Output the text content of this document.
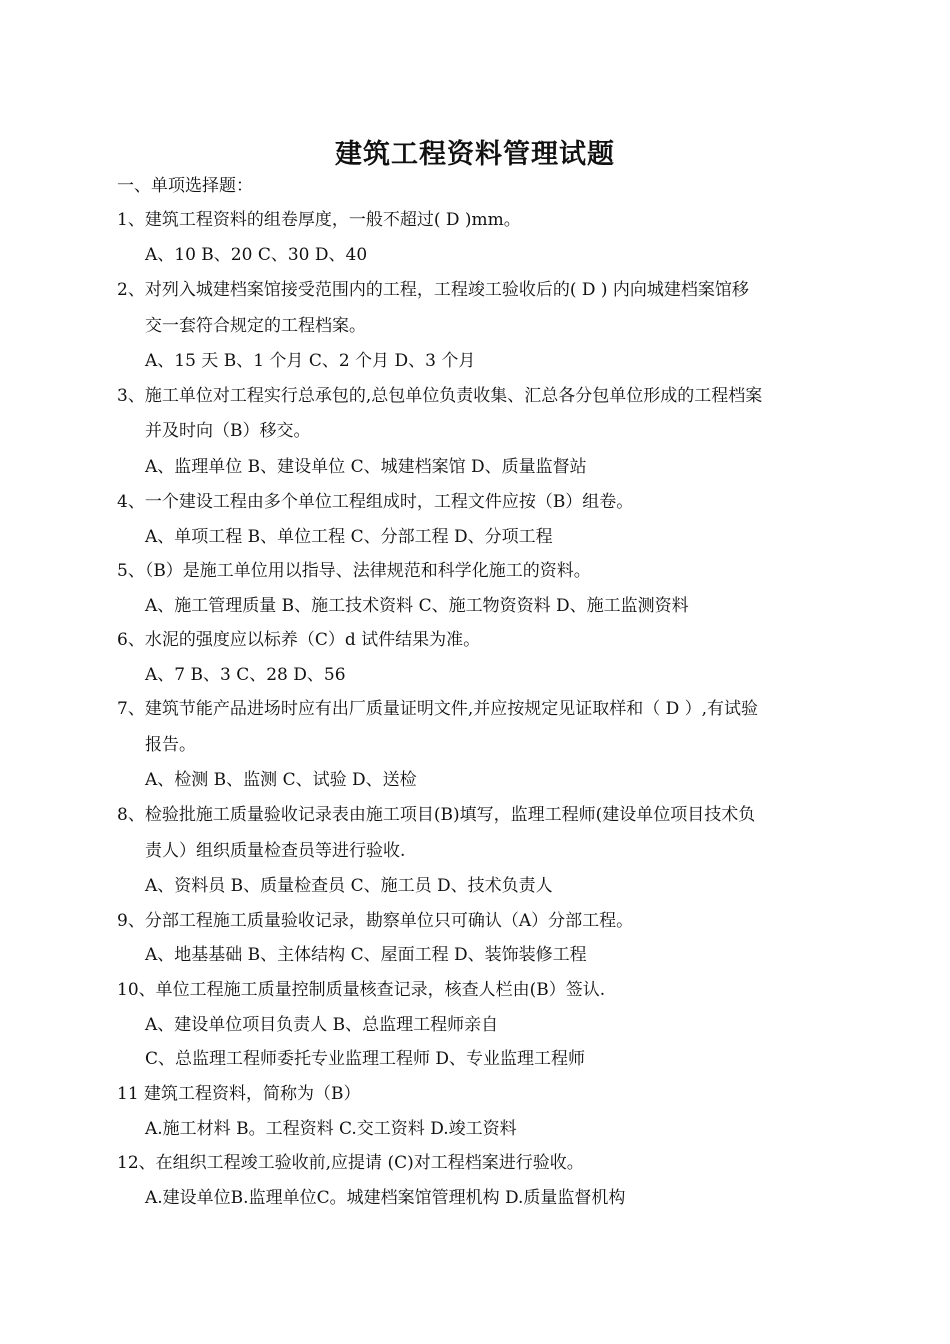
建筑工程资料管理试题
一、单项选择题：
1、建筑工程资料的组卷厚度，一般不超过( D )mm。
A、10 B、20 C、30 D、40
2、对列入城建档案馆接受范围内的工程，工程竣工验收后的( D ) 内向城建档案馆移
交一套符合规定的工程档案。
A、15 天 B、1 个月 C、2 个月 D、3 个月
3、施工单位对工程实行总承包的,总包单位负责收集、汇总各分包单位形成的工程档案
并及时向（B）移交。
A、监理单位 B、建设单位 C、城建档案馆 D、质量监督站
4、一个建设工程由多个单位工程组成时，工程文件应按（B）组卷。
A、单项工程 B、单位工程 C、分部工程 D、分项工程
5、（B）是施工单位用以指导、法律规范和科学化施工的资料。
A、施工管理质量 B、施工技术资料 C、施工物资资料 D、施工监测资料
6、水泥的强度应以标养（C）d 试件结果为准。
A、7 B、3 C、28 D、56
7、建筑节能产品进场时应有出厂质量证明文件,并应按规定见证取样和（ D ）,有试验
报告。
A、检测 B、监测 C、试验 D、送检
8、检验批施工质量验收记录表由施工项目(B)填写，监理工程师(建设单位项目技术负
责人）组织质量检查员等进行验收.
A、资料员 B、质量检查员 C、施工员 D、技术负责人
9、分部工程施工质量验收记录，勘察单位只可确认（A）分部工程。
A、地基基础 B、主体结构 C、屋面工程 D、装饰装修工程
10、单位工程施工质量控制质量核查记录，核查人栏由(B）签认.
A、建设单位项目负责人 B、总监理工程师亲自
C、总监理工程师委托专业监理工程师 D、专业监理工程师
11 建筑工程资料，简称为（B）
A.施工材料 B。工程资料 C.交工资料 D.竣工资料
12、在组织工程竣工验收前,应提请 (C)对工程档案进行验收。
A.建设单位B.监理单位C。城建档案馆管理机构 D.质量监督机构
